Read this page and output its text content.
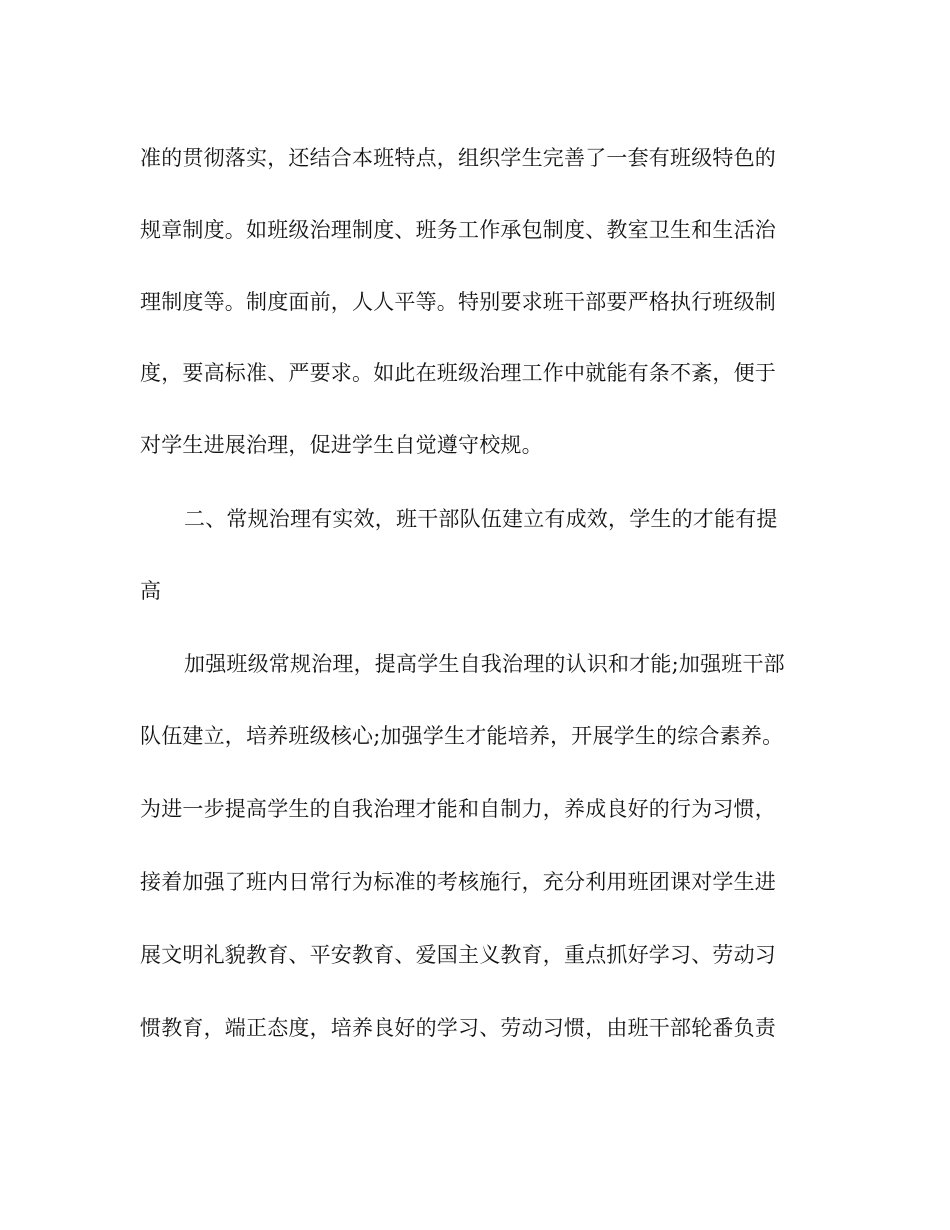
准的贯彻落实，还结合本班特点，组织学生完善了一套有班级特色的
规章制度。如班级治理制度、班务工作承包制度、教室卫生和生活治
理制度等。制度面前，人人平等。特别要求班干部要严格执行班级制
度，要高标准、严要求。如此在班级治理工作中就能有条不紊，便于
对学生进展治理，促进学生自觉遵守校规。
二、常规治理有实效，班干部队伍建立有成效，学生的才能有提
高
加强班级常规治理，提高学生自我治理的认识和才能;加强班干部
队伍建立，培养班级核心;加强学生才能培养，开展学生的综合素养。
为进一步提高学生的自我治理才能和自制力，养成良好的行为习惯，
接着加强了班内日常行为标准的考核施行，充分利用班团课对学生进
展文明礼貌教育、平安教育、爱国主义教育，重点抓好学习、劳动习
惯教育，端正态度，培养良好的学习、劳动习惯，由班干部轮番负责
